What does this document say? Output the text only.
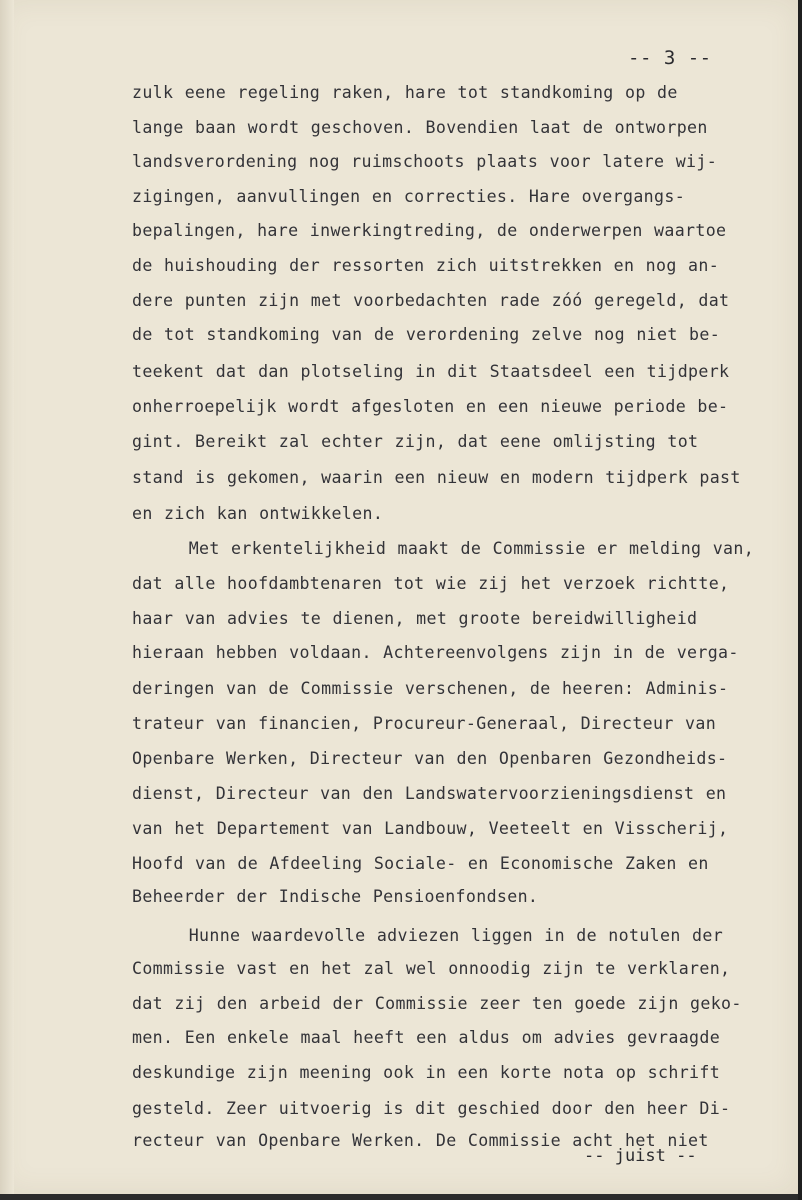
-- 3 --
zulk eene regeling raken, hare tot standkoming op de
lange baan wordt geschoven. Bovendien laat de ontworpen
landsverordening nog ruimschoots plaats voor latere wij-
zigingen, aanvullingen en correcties. Hare overgangs-
bepalingen, hare inwerkingtreding, de onderwerpen waartoe
de huishouding der ressorten zich uitstrekken en nog an-
dere punten zijn met voorbedachten rade zóó geregeld, dat
de tot standkoming van de verordening zelve nog niet be-
teekent dat dan plotseling in dit Staatsdeel een tijdperk
onherroepelijk wordt afgesloten en een nieuwe periode be-
gint. Bereikt zal echter zijn, dat eene omlijsting tot
stand is gekomen, waarin een nieuw en modern tijdperk past
en zich kan ontwikkelen.
Met erkentelijkheid maakt de Commissie er melding van,
dat alle hoofdambtenaren tot wie zij het verzoek richtte,
haar van advies te dienen, met groote bereidwilligheid
hieraan hebben voldaan. Achtereenvolgens zijn in de verga-
deringen van de Commissie verschenen, de heeren: Adminis-
trateur van financien, Procureur-Generaal, Directeur van
Openbare Werken, Directeur van den Openbaren Gezondheids-
dienst, Directeur van den Landswatervoorzieningsdienst en
van het Departement van Landbouw, Veeteelt en Visscherij,
Hoofd van de Afdeeling Sociale- en Economische Zaken en
Beheerder der Indische Pensioenfondsen.
Hunne waardevolle adviezen liggen in de notulen der
Commissie vast en het zal wel onnoodig zijn te verklaren,
dat zij den arbeid der Commissie zeer ten goede zijn geko-
men. Een enkele maal heeft een aldus om advies gevraagde
deskundige zijn meening ook in een korte nota op schrift
gesteld. Zeer uitvoerig is dit geschied door den heer Di-
recteur van Openbare Werken. De Commissie acht het niet
-- juist --
